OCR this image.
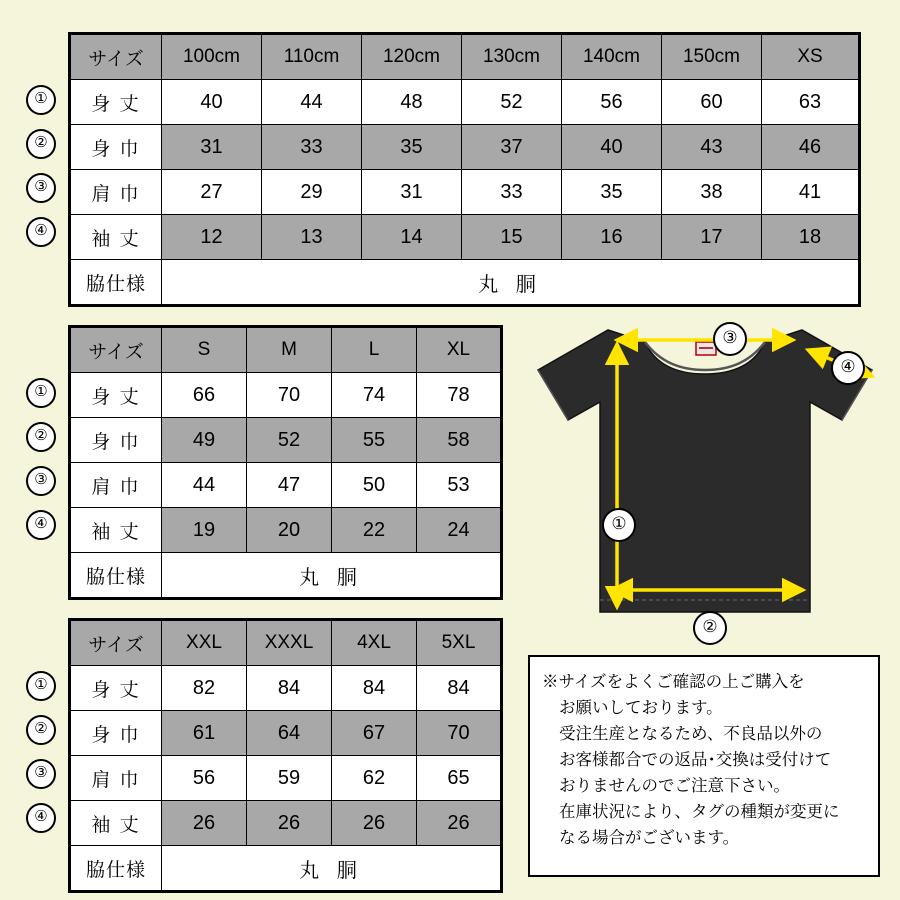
①
②
③
④
サイズ	100cm	110cm	120cm	130cm	140cm	150cm	XS
身 丈	40	44	48	52	56	60	63
身 巾	31	33	35	37	40	43	46
肩 巾	27	29	31	33	35	38	41
袖 丈	12	13	14	15	16	17	18
脇仕様	丸 胴						
①
②
③
④
サイズ	S	M	L	XL
身 丈	66	70	74	78
身 巾	49	52	55	58
肩 巾	44	47	50	53
袖 丈	19	20	22	24
脇仕様	丸 胴			
①
②
③
④
サイズ	XXL	XXXL	4XL	5XL
身 丈	82	84	84	84
身 巾	61	64	67	70
肩 巾	56	59	62	65
袖 丈	26	26	26	26
脇仕様	丸 胴			
③
④
①
②
※サイズをよくご確認の上ご購入を
お願いしております。
受注生産となるため、不良品以外の
お客様都合での返品･交換は受付けて
おりませんのでご注意下さい。
在庫状況により、タグの種類が変更に
なる場合がございます。
